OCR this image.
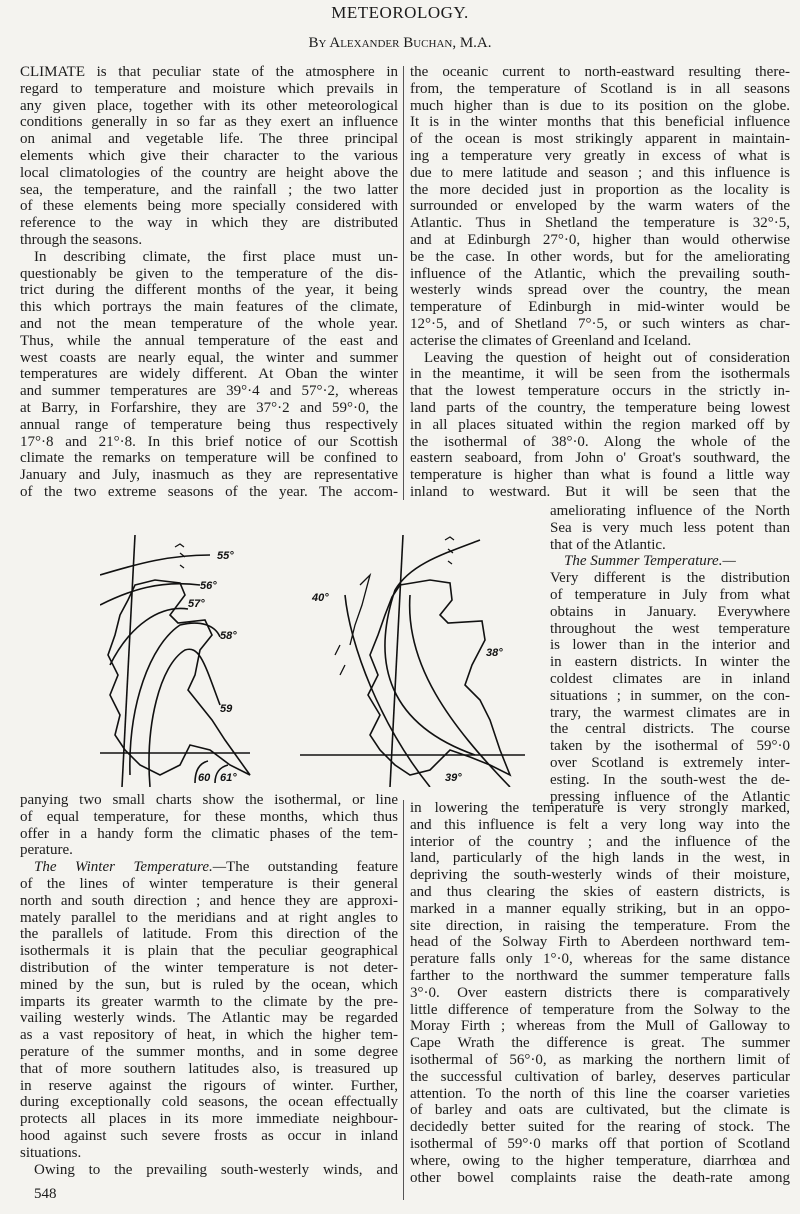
METEOROLOGY.
By Alexander Buchan, M.A.
CLIMATE is that peculiar state of the atmosphere in
regard to temperature and moisture which prevails in
any given place, together with its other meteorological
conditions generally in so far as they exert an influence
on animal and vegetable life. The three principal
elements which give their character to the various
local climatologies of the country are height above the
sea, the temperature, and the rainfall ; the two latter
of these elements being more specially considered with
reference to the way in which they are distributed
through the seasons.
In describing climate, the first place must un-
questionably be given to the temperature of the dis-
trict during the different months of the year, it being
this which portrays the main features of the climate,
and not the mean temperature of the whole year.
Thus, while the annual temperature of the east and
west coasts are nearly equal, the winter and summer
temperatures are widely different. At Oban the winter
and summer temperatures are 39°·4 and 57°·2, whereas
at Barry, in Forfarshire, they are 37°·2 and 59°·0, the
annual range of temperature being thus respectively
17°·8 and 21°·8. In this brief notice of our Scottish
climate the remarks on temperature will be confined to
January and July, inasmuch as they are representative
of the two extreme seasons of the year. The accom-
the oceanic current to north-eastward resulting there-
from, the temperature of Scotland is in all seasons
much higher than is due to its position on the globe.
It is in the winter months that this beneficial influence
of the ocean is most strikingly apparent in maintain-
ing a temperature very greatly in excess of what is
due to mere latitude and season ; and this influence is
the more decided just in proportion as the locality is
surrounded or enveloped by the warm waters of the
Atlantic. Thus in Shetland the temperature is 32°·5,
and at Edinburgh 27°·0, higher than would otherwise
be the case. In other words, but for the ameliorating
influence of the Atlantic, which the prevailing south-
westerly winds spread over the country, the mean
temperature of Edinburgh in mid-winter would be
12°·5, and of Shetland 7°·5, or such winters as char-
acterise the climates of Greenland and Iceland.
Leaving the question of height out of consideration
in the meantime, it will be seen from the isothermals
that the lowest temperature occurs in the strictly in-
land parts of the country, the temperature being lowest
in all places situated within the region marked off by
the isothermal of 38°·0. Along the whole of the
eastern seaboard, from John o' Groat's southward, the
temperature is higher than what is found a little way
inland to westward. But it will be seen that the
ameliorating influence of the North
Sea is very much less potent than
that of the Atlantic.
The Summer Temperature.—
Very different is the distribution
of temperature in July from what
obtains in January. Everywhere
throughout the west temperature
is lower than in the interior and
in eastern districts. In winter the
coldest climates are in inland
situations ; in summer, on the con-
trary, the warmest climates are in
the central districts. The course
taken by the isothermal of 59°·0
over Scotland is extremely inter-
esting. In the south-west the de-
pressing influence of the Atlantic
panying two small charts show the isothermal, or line
of equal temperature, for these months, which thus
offer in a handy form the climatic phases of the tem-
perature.
The Winter Temperature.—The outstanding feature
of the lines of winter temperature is their general
north and south direction ; and hence they are approxi-
mately parallel to the meridians and at right angles to
the parallels of latitude. From this direction of the
isothermals it is plain that the peculiar geographical
distribution of the winter temperature is not deter-
mined by the sun, but is ruled by the ocean, which
imparts its greater warmth to the climate by the pre-
vailing westerly winds. The Atlantic may be regarded
as a vast repository of heat, in which the higher tem-
perature of the summer months, and in some degree
that of more southern latitudes also, is treasured up
in reserve against the rigours of winter. Further,
during exceptionally cold seasons, the ocean effectually
protects all places in its more immediate neighbour-
hood against such severe frosts as occur in inland
situations.
Owing to the prevailing south-westerly winds, and
in lowering the temperature is very strongly marked,
and this influence is felt a very long way into the
interior of the country ; and the influence of the
land, particularly of the high lands in the west, in
depriving the south-westerly winds of their moisture,
and thus clearing the skies of eastern districts, is
marked in a manner equally striking, but in an oppo-
site direction, in raising the temperature. From the
head of the Solway Firth to Aberdeen northward tem-
perature falls only 1°·0, whereas for the same distance
farther to the northward the summer temperature falls
3°·0. Over eastern districts there is comparatively
little difference of temperature from the Solway to the
Moray Firth ; whereas from the Mull of Galloway to
Cape Wrath the difference is great. The summer
isothermal of 56°·0, as marking the northern limit of
the successful cultivation of barley, deserves particular
attention. To the north of this line the coarser varieties
of barley and oats are cultivated, but the climate is
decidedly better suited for the rearing of stock. The
isothermal of 59°·0 marks off that portion of Scotland
where, owing to the higher temperature, diarrhœa and
other bowel complaints raise the death-rate among
55°
56°
57°
58°
59
60 61°
40°
38°
39°
548
